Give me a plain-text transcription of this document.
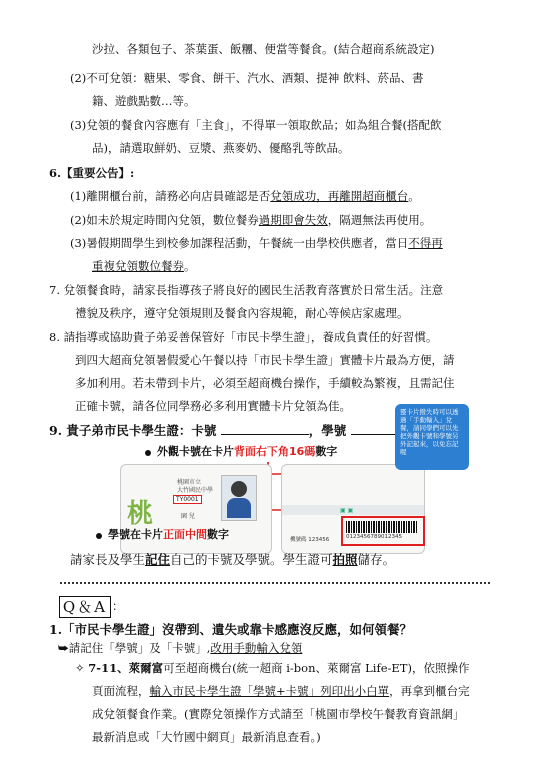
沙拉、各類包子、茶葉蛋、飯糰、便當等餐食。(結合超商系統設定)
(2)不可兌領：糖果、零食、餅干、汽水、酒類、提神 飲料、菸品、書
籍、遊戲點數…等。
(3)兌領的餐食內容應有「主食」，不得單一領取飲品；如為組合餐(搭配飲
品)，請選取鮮奶、豆漿、燕麥奶、優酪乳等飲品。
6.【重要公告】:
(1)離開櫃台前，請務必向店員確認是否兌領成功，再離開超商櫃台。
(2)如未於規定時間內兌領，數位餐券過期即會失效，隔週無法再使用。
(3)暑假期間學生到校參加課程活動，午餐統一由學校供應者，當日不得再
重複兌領數位餐券。
7. 兌領餐食時，請家長指導孩子將良好的國民生活教育落實於日常生活。注意
禮貌及秩序，遵守兌領規則及餐食內容規範，耐心等候店家處理。
8. 請指導或協助貴子弟妥善保管好「市民卡學生證」，養成負責任的好習慣。
到四大超商兌領暑假愛心午餐以持「市民卡學生證」實體卡片最為方便，請
多加利用。若未帶到卡片，必須至超商機台操作，手續較為繁複，且需記住
正確卡號，請各位同學務必多利用實體卡片兌領為佳。
9. 貴子弟市民卡學生證：卡號	，學號
外觀卡號在卡片背面右下角16碼數字
桃
桃園市立
大竹國民中學
TY0001
園 兒
▣ ▣
機號碼 123456	0123456789012345
靈卡片撥失時可以透過「手動輸入」兌餐，請同學們可以先把外觀卡號和學號另外記起來，以免忘記喔
學號在卡片正面中間數字
請家長及學生記住自己的卡號及學號。學生證可拍照儲存。
Q＆A ：
1.「市民卡學生證」沒帶到、遺失或靠卡感應沒反應，如何領餐？
⮩請記住「學號」及「卡號」,改用手動輸入兌領
✧ 7-11、萊爾富可至超商機台(統一超商 i-bon、萊爾富 Life-ET)，依照操作
頁面流程，輸入市民卡學生證「學號+卡號」列印出小白單，再拿到櫃台完
成兌領餐食作業。(實際兌領操作方式請至「桃園市學校午餐教育資訊網」
最新消息或「大竹國中網頁」最新消息查看。)
